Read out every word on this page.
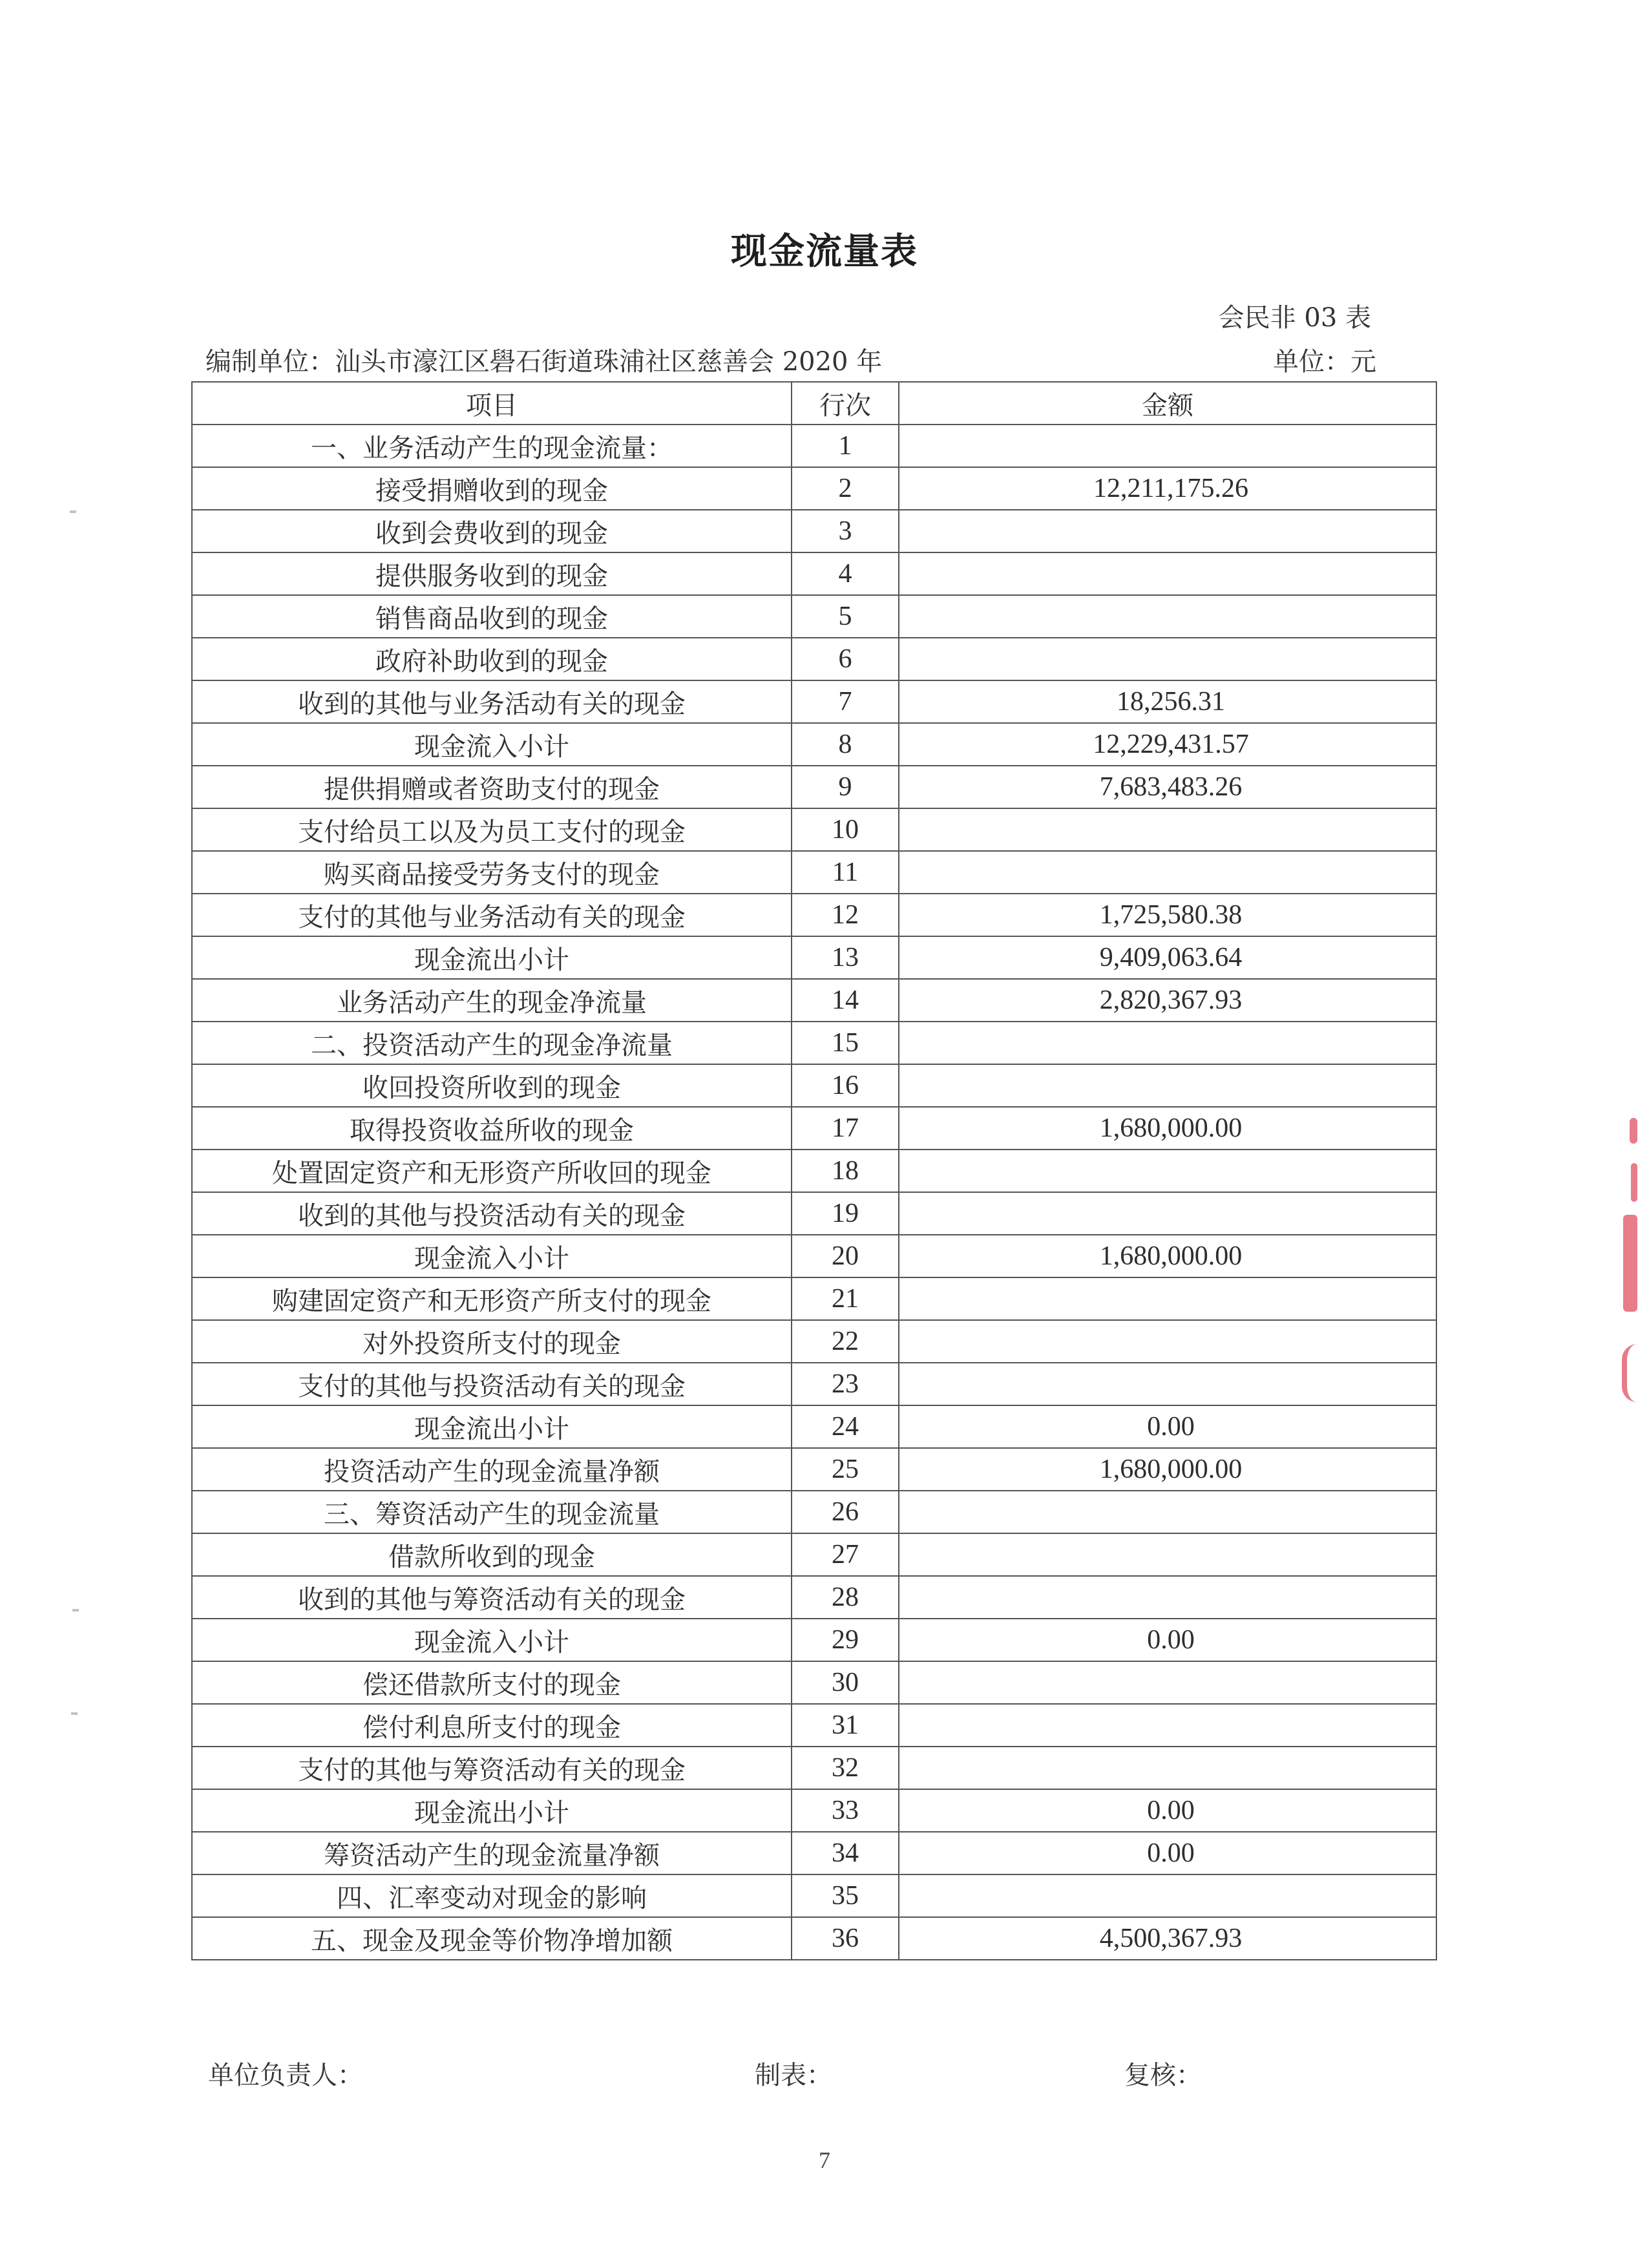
现金流量表
会民非 03 表
编制单位：汕头市濠江区礐石街道珠浦社区慈善会 2020 年	单位：元
项目	行次	金额
一、业务活动产生的现金流量：	1	
接受捐赠收到的现金	2	12,211,175.26
收到会费收到的现金	3	
提供服务收到的现金	4	
销售商品收到的现金	5	
政府补助收到的现金	6	
收到的其他与业务活动有关的现金	7	18,256.31
现金流入小计	8	12,229,431.57
提供捐赠或者资助支付的现金	9	7,683,483.26
支付给员工以及为员工支付的现金	10	
购买商品接受劳务支付的现金	11	
支付的其他与业务活动有关的现金	12	1,725,580.38
现金流出小计	13	9,409,063.64
业务活动产生的现金净流量	14	2,820,367.93
二、投资活动产生的现金净流量	15	
收回投资所收到的现金	16	
取得投资收益所收的现金	17	1,680,000.00
处置固定资产和无形资产所收回的现金	18	
收到的其他与投资活动有关的现金	19	
现金流入小计	20	1,680,000.00
购建固定资产和无形资产所支付的现金	21	
对外投资所支付的现金	22	
支付的其他与投资活动有关的现金	23	
现金流出小计	24	0.00
投资活动产生的现金流量净额	25	1,680,000.00
三、筹资活动产生的现金流量	26	
借款所收到的现金	27	
收到的其他与筹资活动有关的现金	28	
现金流入小计	29	0.00
偿还借款所支付的现金	30	
偿付利息所支付的现金	31	
支付的其他与筹资活动有关的现金	32	
现金流出小计	33	0.00
筹资活动产生的现金流量净额	34	0.00
四、汇率变动对现金的影响	35	
五、现金及现金等价物净增加额	36	4,500,367.93
单位负责人：	制表：	复核：
7
